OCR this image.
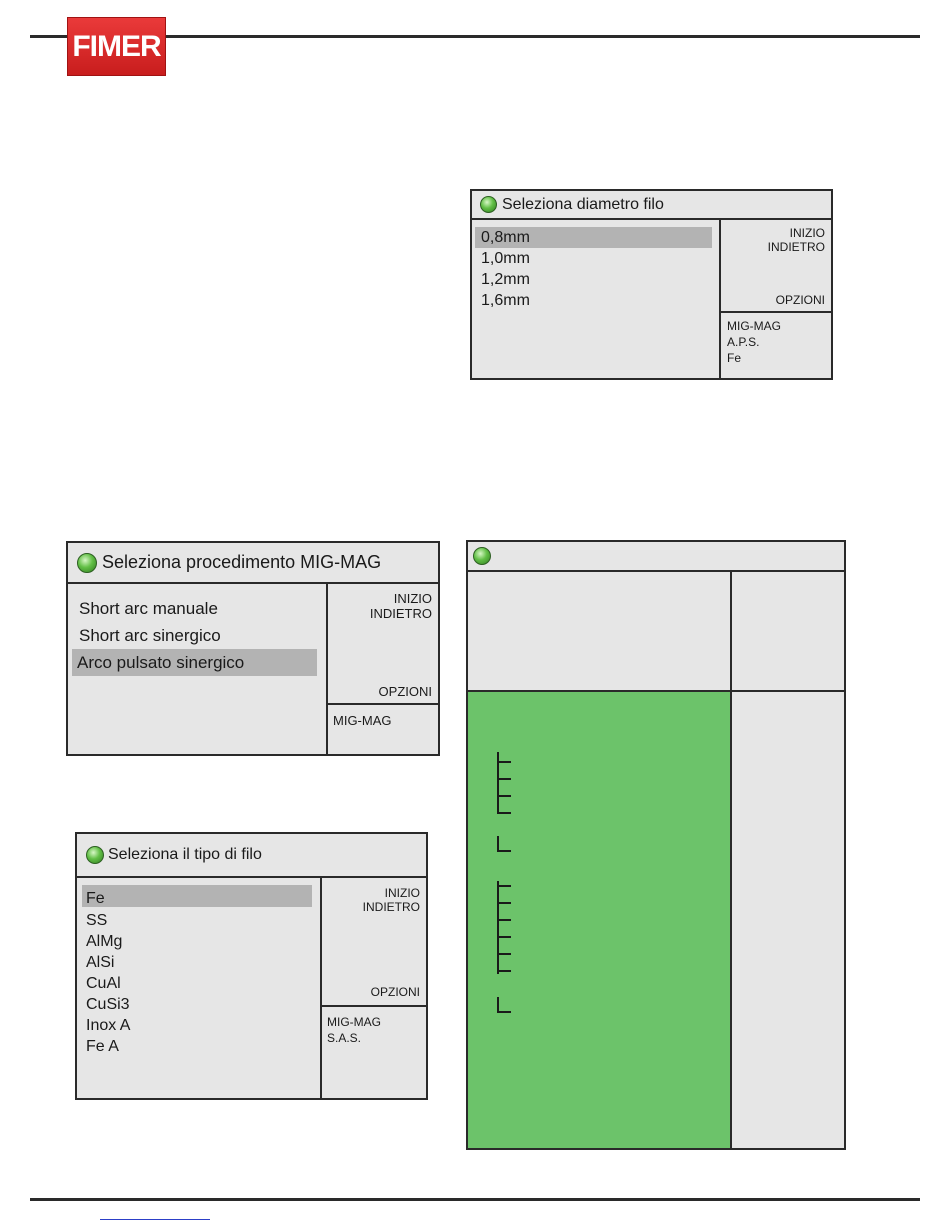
FIMER
Seleziona diametro filo
0,8mm
1,0mm
1,2mm
1,6mm
INIZIO
INDIETRO
OPZIONI
MIG-MAG
A.P.S.
Fe
Seleziona procedimento MIG-MAG
Short arc manuale
Short arc sinergico
Arco pulsato sinergico
INIZIO
INDIETRO
OPZIONI
MIG-MAG
Seleziona il tipo di filo
Fe
SS
AlMg
AlSi
CuAl
CuSi3
Inox A
Fe A
INIZIO
INDIETRO
OPZIONI
MIG-MAG
S.A.S.
